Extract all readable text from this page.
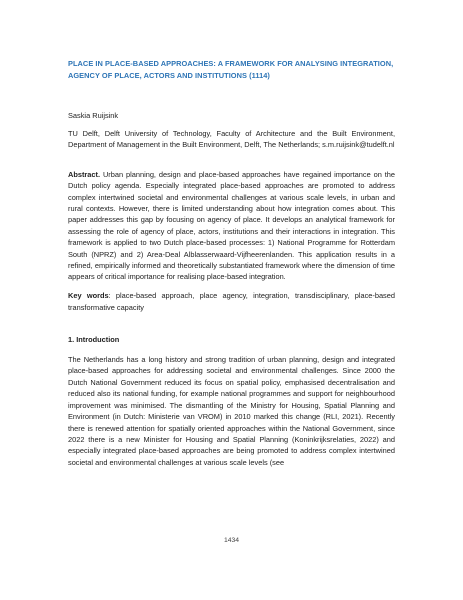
PLACE IN PLACE-BASED APPROACHES: A FRAMEWORK FOR ANALYSING INTEGRATION, AGENCY OF PLACE, ACTORS AND INSTITUTIONS (1114)
Saskia Ruijsink
TU Delft, Delft University of Technology, Faculty of Architecture and the Built Environment, Department of Management in the Built Environment, Delft, The Netherlands; s.m.ruijsink@tudelft.nl

Abstract. Urban planning, design and place-based approaches have regained importance on the Dutch policy agenda. Especially integrated place-based approaches are promoted to address complex intertwined societal and environmental challenges at various scale levels, in urban and rural contexts. However, there is limited understanding about how integration comes about. This paper addresses this gap by focusing on agency of place. It develops an analytical framework for assessing the role of agency of place, actors, institutions and their interactions in integration. This framework is applied to two Dutch place-based processes: 1) National Programme for Rotterdam South (NPRZ) and 2) Area-Deal Alblasserwaard-Vijfheerenlanden. This application results in a refined, empirically informed and theoretically substantiated framework where the dimension of time appears of critical importance for realising place-based integration.

Key words: place-based approach, place agency, integration, transdisciplinary, place-based transformative capacity

1. Introduction

The Netherlands has a long history and strong tradition of urban planning, design and integrated place-based approaches for addressing societal and environmental challenges. Since 2000 the Dutch National Government reduced its focus on spatial policy, emphasised decentralisation and reduced also its national funding, for example national programmes and support for neighbourhood improvement was minimised. The dismantling of the Ministry for Housing, Spatial Planning and Environment (in Dutch: Ministerie van VROM) in 2010 marked this change (RLI, 2021). Recently there is renewed attention for spatially oriented approaches within the National Government, since 2022 there is a new Minister for Housing and Spatial Planning (Koninkrijksrelaties, 2022) and especially integrated place-based approaches are being promoted to address complex intertwined societal and environmental challenges at various scale levels (see

1434
